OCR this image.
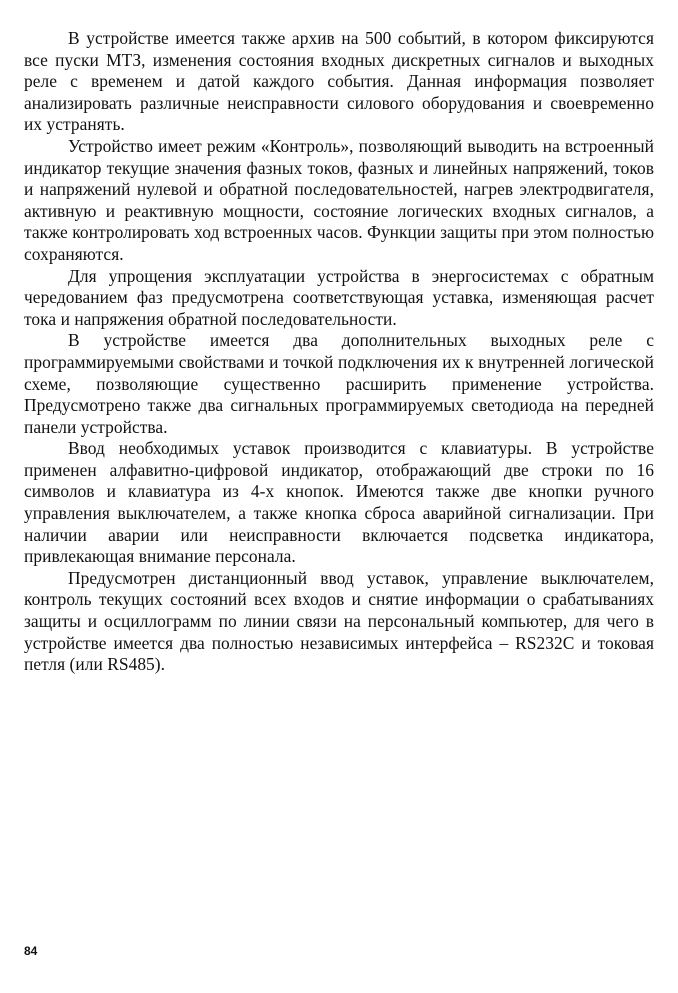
В устройстве имеется также архив на 500 событий, в котором фиксируются все пуски МТЗ, изменения состояния входных дискретных сигналов и выходных реле с временем и датой каждого события. Данная информация позволяет анализировать различные неисправности силового оборудования и своевременно их устранять.

Устройство имеет режим «Контроль», позволяющий выводить на встроенный индикатор текущие значения фазных токов, фазных и линейных напряжений, токов и напряжений нулевой и обратной последовательностей, нагрев электродвигателя, активную и реактивную мощности, состояние логических входных сигналов, а также контролировать ход встроенных часов. Функции защиты при этом полностью сохраняются.

Для упрощения эксплуатации устройства в энергосистемах с обратным чередованием фаз предусмотрена соответствующая уставка, изменяющая расчет тока и напряжения обратной последовательности.

В устройстве имеется два дополнительных выходных реле с программируемыми свойствами и точкой подключения их к внутренней логической схеме, позволяющие существенно расширить применение устройства. Предусмотрено также два сигнальных программируемых светодиода на передней панели устройства.

Ввод необходимых уставок производится с клавиатуры. В устройстве применен алфавитно-цифровой индикатор, отображающий две строки по 16 символов и клавиатура из 4-х кнопок. Имеются также две кнопки ручного управления выключателем, а также кнопка сброса аварийной сигнализации. При наличии аварии или неисправности включается подсветка индикатора, привлекающая внимание персонала.

Предусмотрен дистанционный ввод уставок, управление выключателем, контроль текущих состояний всех входов и снятие информации о срабатываниях защиты и осциллограмм по линии связи на персональный компьютер, для чего в устройстве имеется два полностью независимых интерфейса – RS232C и токовая петля (или RS485).

84
